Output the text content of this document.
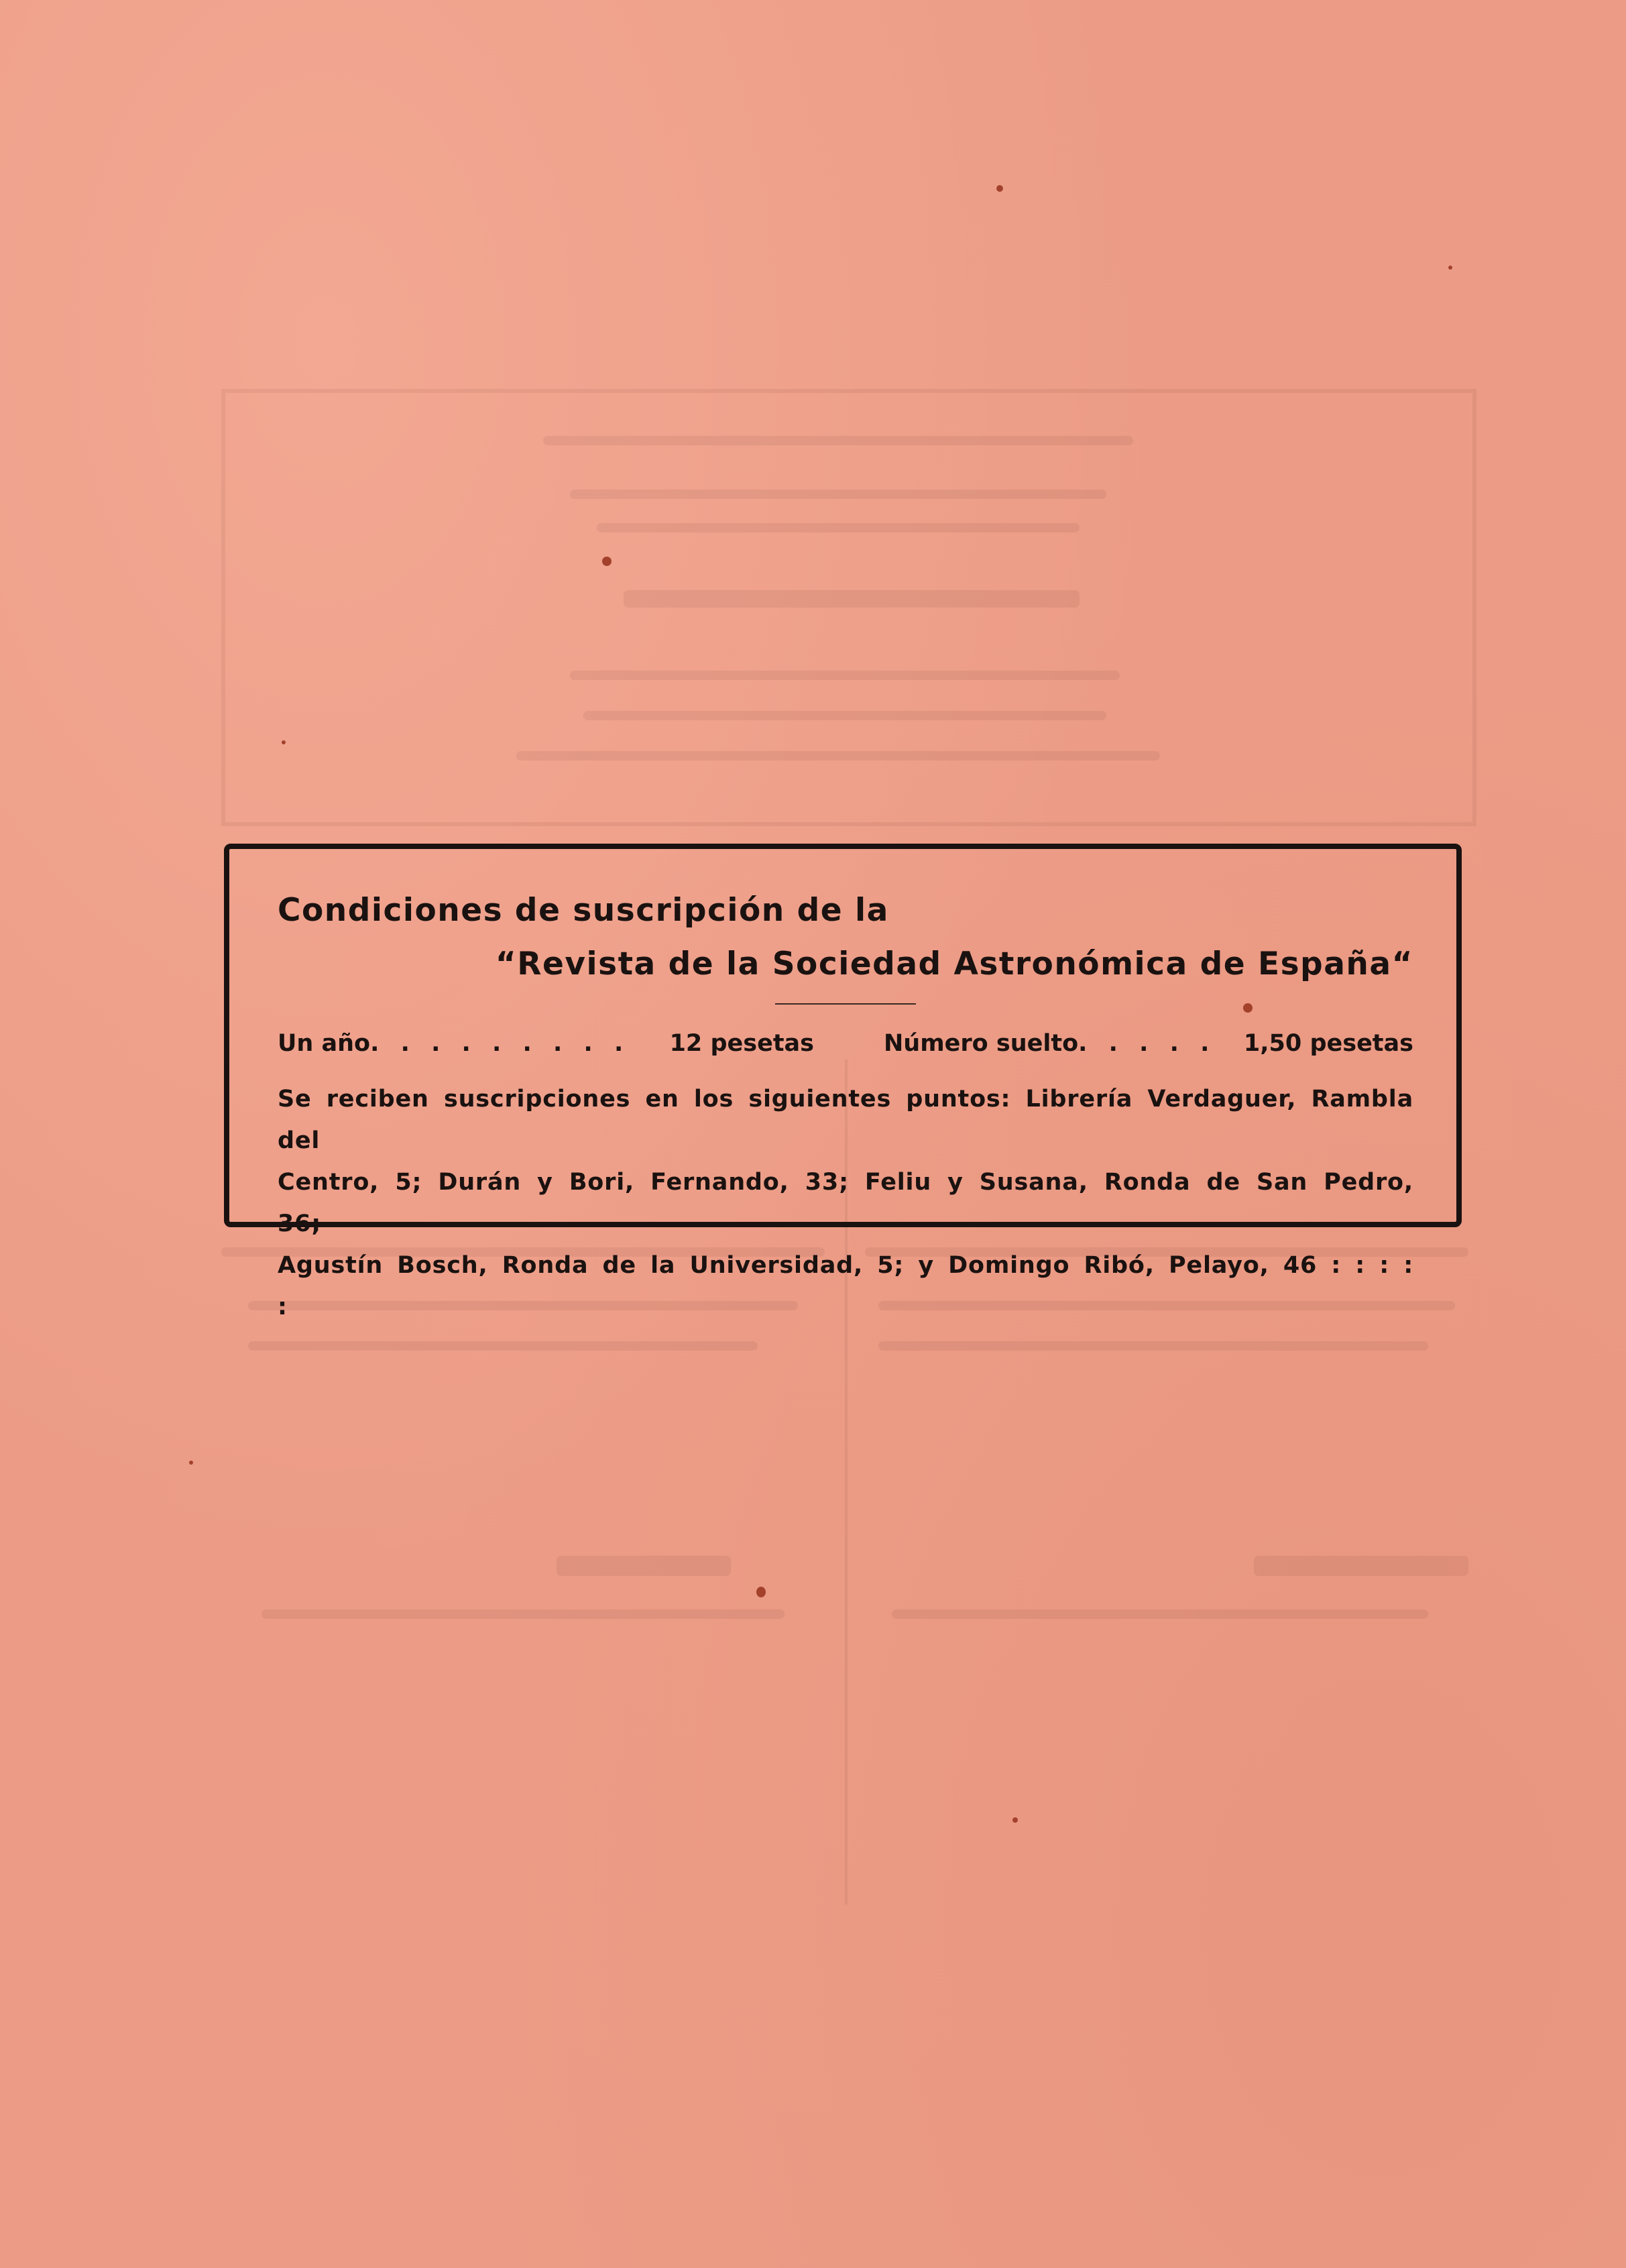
Condiciones de suscripción de la

“Revista de la Sociedad Astronómica de España“

Un año. . . . . . . . . 12 pesetas	Número suelto. . . . . 1,50 pesetas
Se reciben suscripciones en los siguientes puntos: Librería Verdaguer, Rambla del
Centro, 5; Durán y Bori, Fernando, 33; Feliu y Susana, Ronda de San Pedro, 36;
Agustín Bosch, Ronda de la Universidad, 5; y Domingo Ribó, Pelayo, 46 : : : : :
